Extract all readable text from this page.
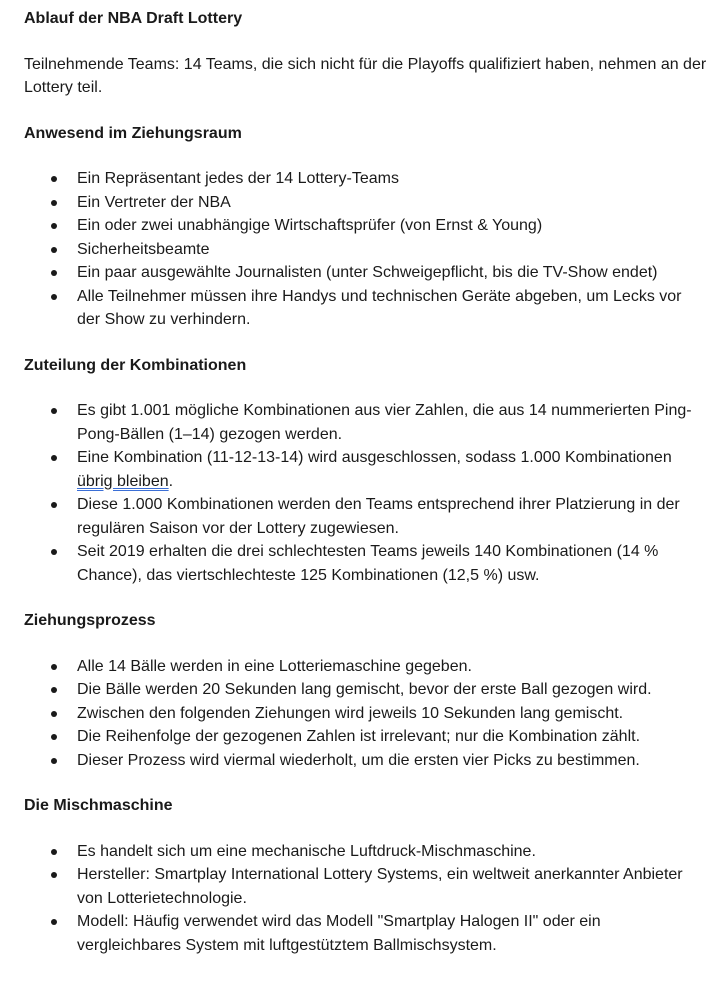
Ablauf der NBA Draft Lottery

Teilnehmende Teams: 14 Teams, die sich nicht für die Playoffs qualifiziert haben, nehmen an der Lottery teil.

Anwesend im Ziehungsraum
Ein Repräsentant jedes der 14 Lottery-Teams
Ein Vertreter der NBA
Ein oder zwei unabhängige Wirtschaftsprüfer (von Ernst & Young)
Sicherheitsbeamte
Ein paar ausgewählte Journalisten (unter Schweigepflicht, bis die TV-Show endet)
Alle Teilnehmer müssen ihre Handys und technischen Geräte abgeben, um Lecks vor der Show zu verhindern.
Zuteilung der Kombinationen
Es gibt 1.001 mögliche Kombinationen aus vier Zahlen, die aus 14 nummerierten Ping-Pong-Bällen (1–14) gezogen werden.
Eine Kombination (11-12-13-14) wird ausgeschlossen, sodass 1.000 Kombinationen übrig bleiben.
Diese 1.000 Kombinationen werden den Teams entsprechend ihrer Platzierung in der regulären Saison vor der Lottery zugewiesen.
Seit 2019 erhalten die drei schlechtesten Teams jeweils 140 Kombinationen (14 % Chance), das viertschlechteste 125 Kombinationen (12,5 %) usw.
Ziehungsprozess
Alle 14 Bälle werden in eine Lotteriemaschine gegeben.
Die Bälle werden 20 Sekunden lang gemischt, bevor der erste Ball gezogen wird.
Zwischen den folgenden Ziehungen wird jeweils 10 Sekunden lang gemischt.
Die Reihenfolge der gezogenen Zahlen ist irrelevant; nur die Kombination zählt.
Dieser Prozess wird viermal wiederholt, um die ersten vier Picks zu bestimmen.
Die Mischmaschine
Es handelt sich um eine mechanische Luftdruck-Mischmaschine.
Hersteller: Smartplay International Lottery Systems, ein weltweit anerkannter Anbieter von Lotterietechnologie.
Modell: Häufig verwendet wird das Modell "Smartplay Halogen II" oder ein vergleichbares System mit luftgestütztem Ballmischsystem.
